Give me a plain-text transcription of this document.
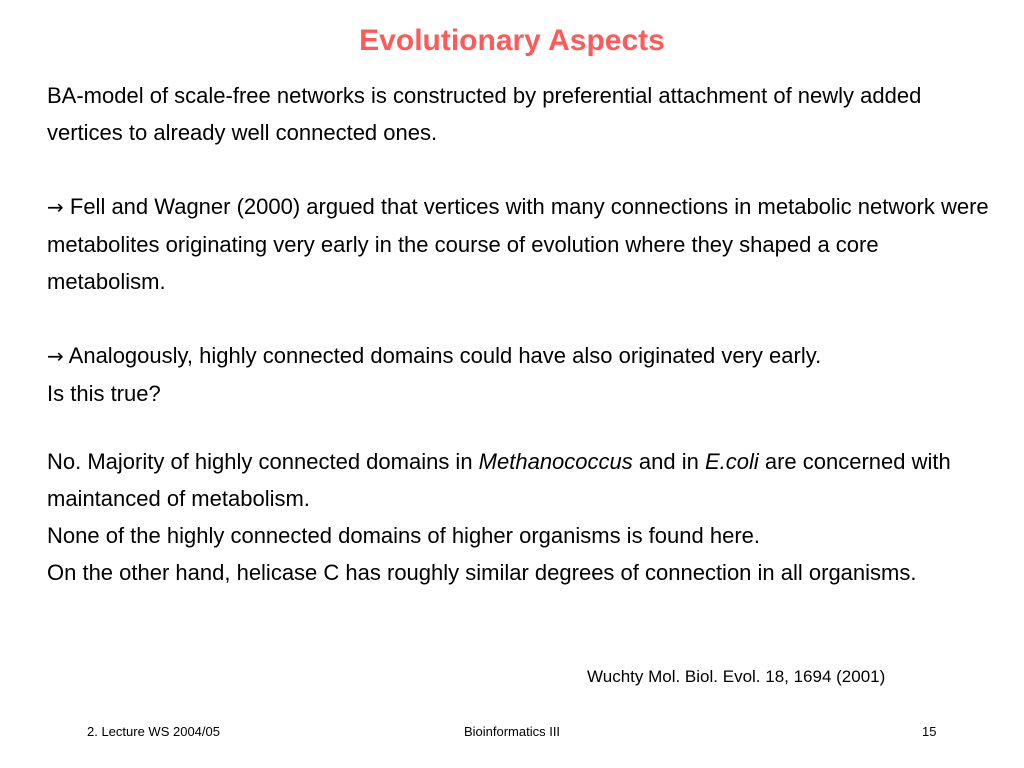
Evolutionary Aspects

BA-model of scale-free networks is constructed by preferential attachment of newly added vertices to already well connected ones.

→ Fell and Wagner (2000) argued that vertices with many connections in metabolic network were metabolites originating very early in the course of evolution where they shaped a core metabolism.

→ Analogously, highly connected domains could have also originated very early.
Is this true?

No. Majority of highly connected domains in Methanococcus and in E.coli are concerned with maintanced of metabolism.

None of the highly connected domains of higher organisms is found here.

On the other hand, helicase C has roughly similar degrees of connection in all organisms.

Wuchty Mol. Biol. Evol. 18, 1694 (2001)
2. Lecture WS 2004/05	Bioinformatics III	15
